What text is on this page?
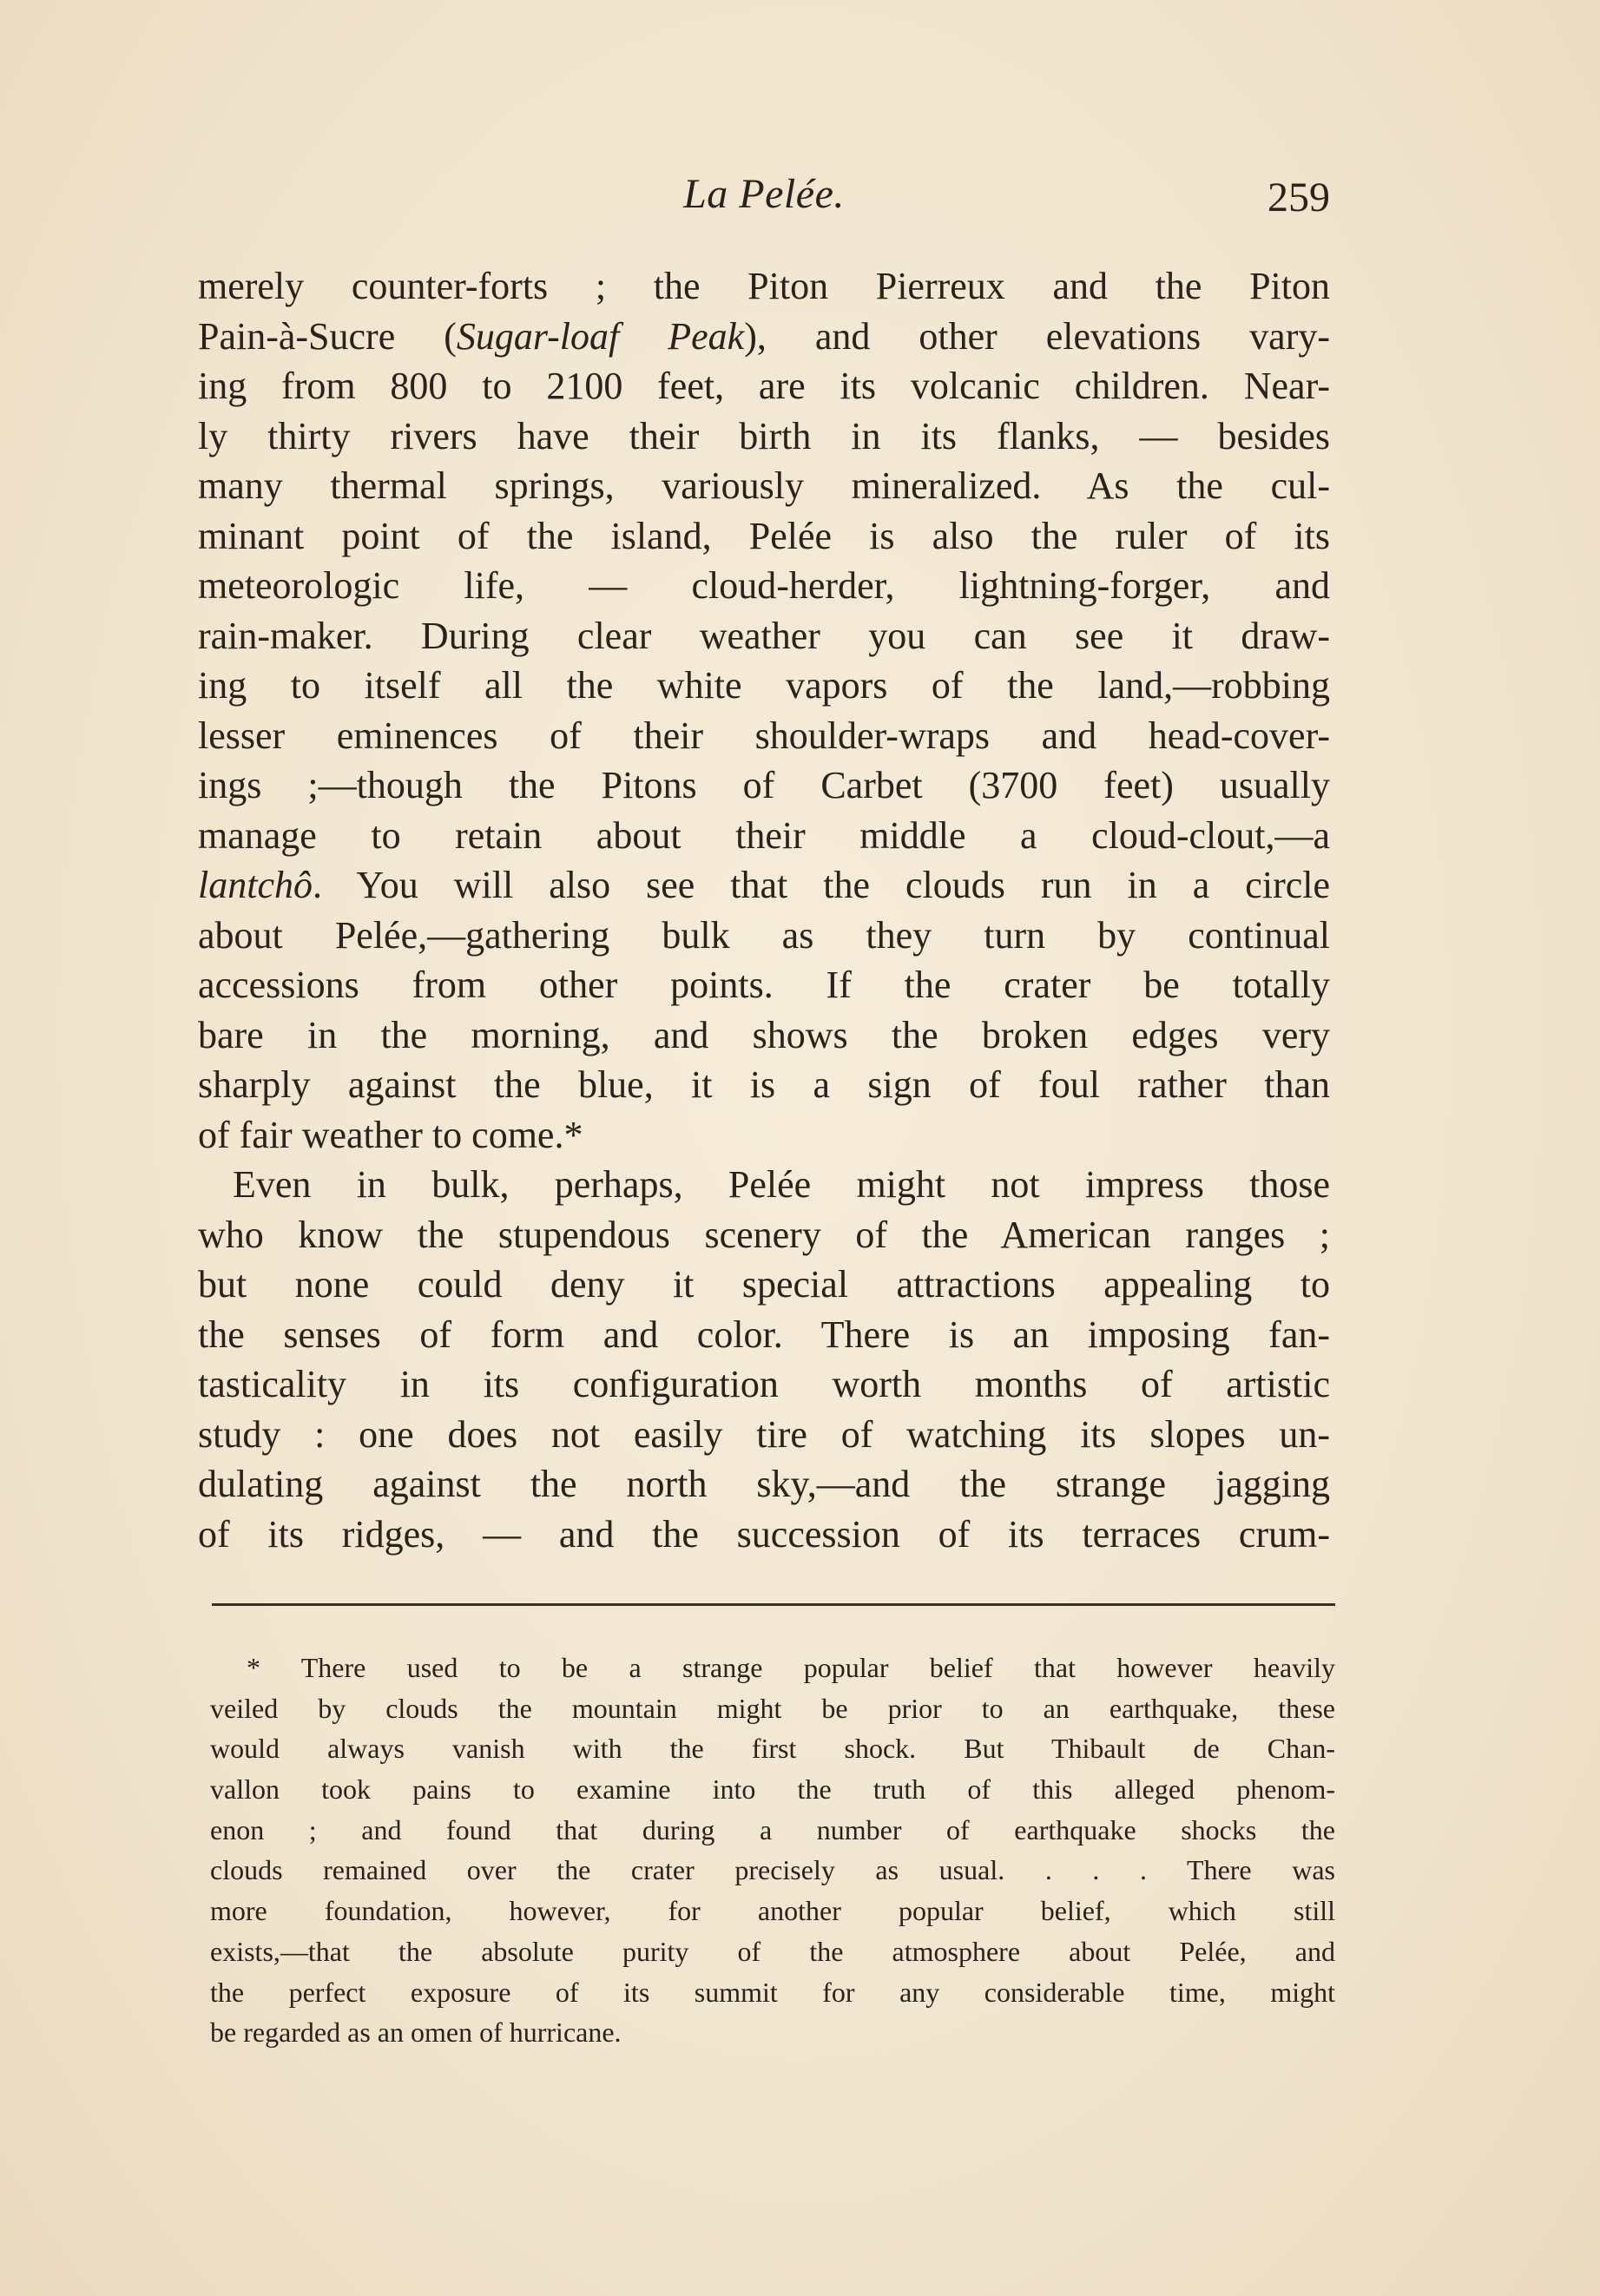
La Pelée.	259
merely counter-forts ; the Piton Pierreux and the Piton
Pain-à-Sucre (Sugar-loaf Peak), and other elevations vary-
ing from 800 to 2100 feet, are its volcanic children. Near-
ly thirty rivers have their birth in its flanks, — besides
many thermal springs, variously mineralized. As the cul-
minant point of the island, Pelée is also the ruler of its
meteorologic life, — cloud-herder, lightning-forger, and
rain-maker. During clear weather you can see it draw-
ing to itself all the white vapors of the land,—robbing
lesser eminences of their shoulder-wraps and head-cover-
ings ;—though the Pitons of Carbet (3700 feet) usually
manage to retain about their middle a cloud-clout,—a
lantchô. You will also see that the clouds run in a circle
about Pelée,—gathering bulk as they turn by continual
accessions from other points. If the crater be totally
bare in the morning, and shows the broken edges very
sharply against the blue, it is a sign of foul rather than
of fair weather to come.*
Even in bulk, perhaps, Pelée might not impress those
who know the stupendous scenery of the American ranges ;
but none could deny it special attractions appealing to
the senses of form and color. There is an imposing fan-
tasticality in its configuration worth months of artistic
study : one does not easily tire of watching its slopes un-
dulating against the north sky,—and the strange jagging
of its ridges, — and the succession of its terraces crum-
* There used to be a strange popular belief that however heavily
veiled by clouds the mountain might be prior to an earthquake, these
would always vanish with the first shock. But Thibault de Chan-
vallon took pains to examine into the truth of this alleged phenom-
enon ; and found that during a number of earthquake shocks the
clouds remained over the crater precisely as usual. . . . There was
more foundation, however, for another popular belief, which still
exists,—that the absolute purity of the atmosphere about Pelée, and
the perfect exposure of its summit for any considerable time, might
be regarded as an omen of hurricane.
